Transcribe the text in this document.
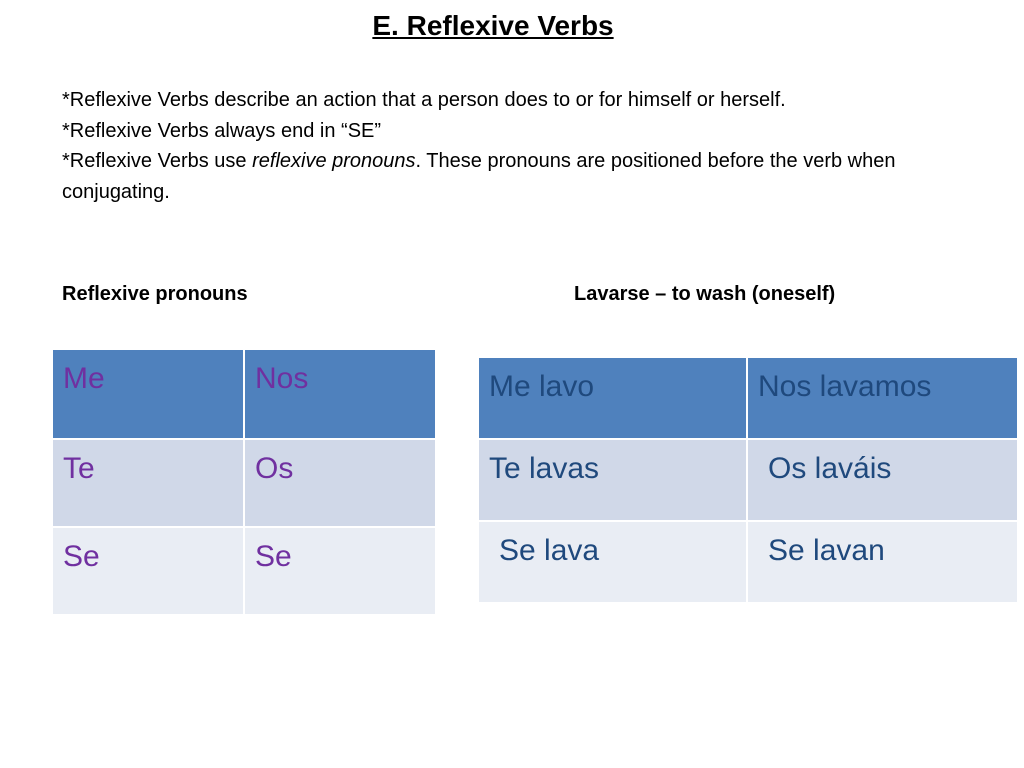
E. Reflexive Verbs

*Reflexive Verbs describe an action that a person does to or for himself or herself.

*Reflexive Verbs always end in “SE”

*Reflexive Verbs use reflexive pronouns. These pronouns are positioned before the verb when conjugating.

Reflexive pronouns	Lavarse – to wash (oneself)
Me	Nos
Te	Os
Se	Se
Me lavo	Nos lavamos
Te lavas	Os laváis
Se lava	Se lavan
